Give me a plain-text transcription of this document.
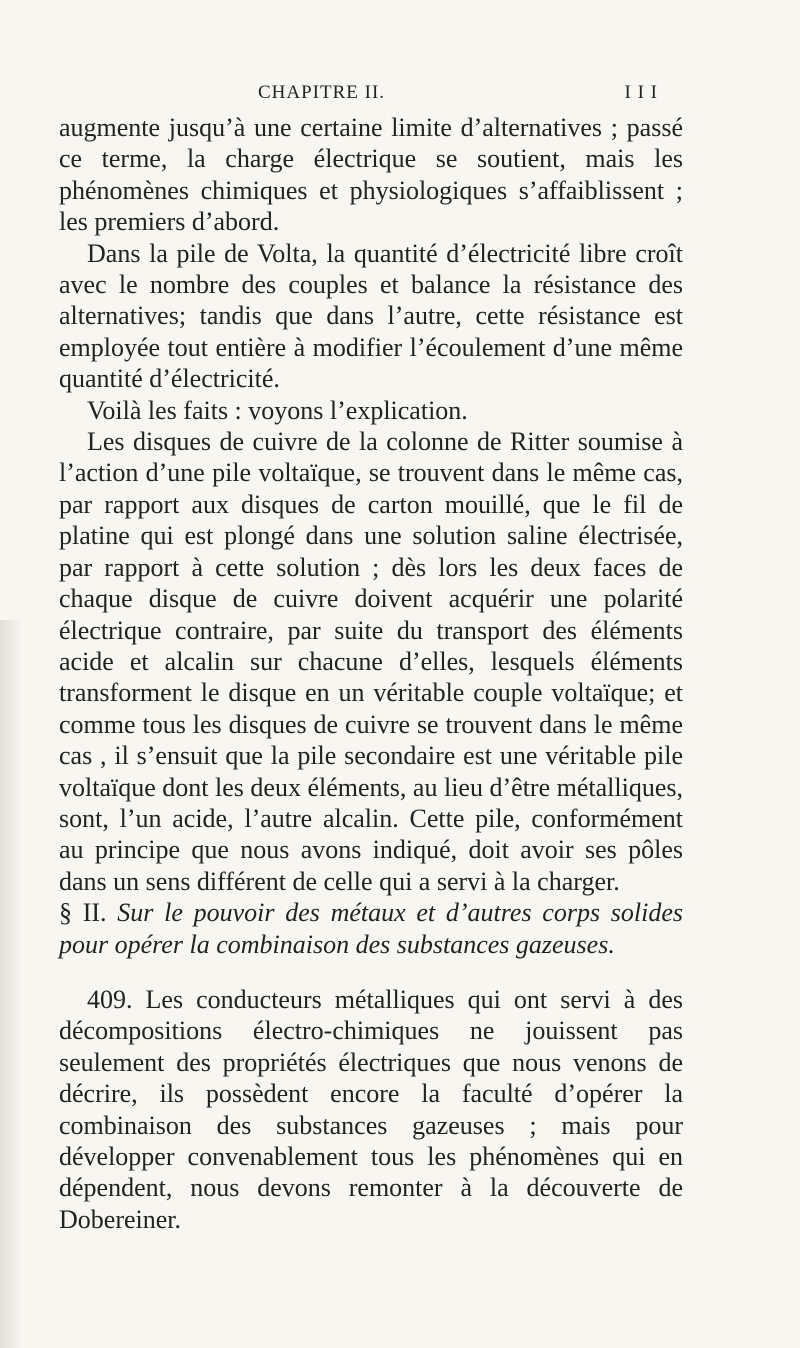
CHAPITRE II.	I I I

augmente jusqu’à une certaine limite d’alternatives ; passé ce terme, la charge électrique se soutient, mais les phénomènes chimiques et physiologiques s’affaiblissent ; les premiers d’abord.

Dans la pile de Volta, la quantité d’électricité libre croît avec le nombre des couples et balance la résistance des alternatives; tandis que dans l’autre, cette résistance est employée tout entière à modifier l’écoulement d’une même quantité d’électricité.

Voilà les faits : voyons l’explication.

Les disques de cuivre de la colonne de Ritter soumise à l’action d’une pile voltaïque, se trouvent dans le même cas, par rapport aux disques de carton mouillé, que le fil de platine qui est plongé dans une solution saline électrisée, par rapport à cette solution ; dès lors les deux faces de chaque disque de cuivre doivent acquérir une polarité électrique contraire, par suite du transport des éléments acide et alcalin sur chacune d’elles, lesquels éléments transforment le disque en un véritable couple voltaïque; et comme tous les disques de cuivre se trouvent dans le même cas , il s’ensuit que la pile secondaire est une véritable pile voltaïque dont les deux éléments, au lieu d’être métalliques, sont, l’un acide, l’autre alcalin. Cette pile, conformément au principe que nous avons indiqué, doit avoir ses pôles dans un sens différent de celle qui a servi à la charger.

§ II. Sur le pouvoir des métaux et d’autres corps solides pour opérer la combinaison des substances gazeuses.

409. Les conducteurs métalliques qui ont servi à des décompositions électro-chimiques ne jouissent pas seulement des propriétés électriques que nous venons de décrire, ils possèdent encore la faculté d’opérer la combinaison des substances gazeuses ; mais pour développer convenablement tous les phénomènes qui en dépendent, nous devons remonter à la découverte de Dobereiner.
